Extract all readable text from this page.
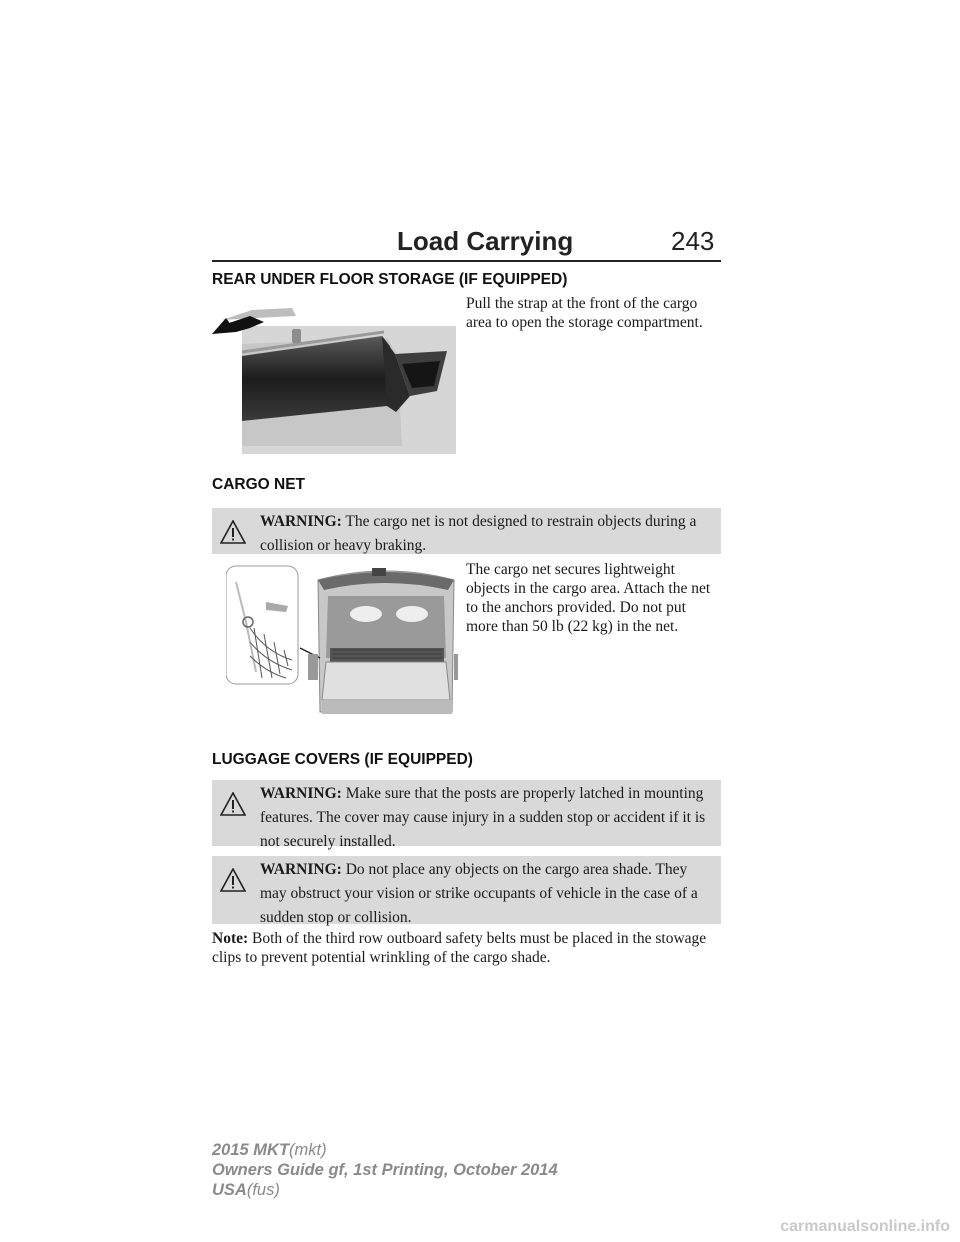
Load Carrying	243
REAR UNDER FLOOR STORAGE (IF EQUIPPED)
Pull the strap at the front of the cargo area to open the storage compartment.
CARGO NET
WARNING: The cargo net is not designed to restrain objects during a collision or heavy braking.
The cargo net secures lightweight objects in the cargo area. Attach the net to the anchors provided. Do not put more than 50 lb (22 kg) in the net.
LUGGAGE COVERS (IF EQUIPPED)
WARNING: Make sure that the posts are properly latched in mounting features. The cover may cause injury in a sudden stop or accident if it is not securely installed.
WARNING: Do not place any objects on the cargo area shade. They may obstruct your vision or strike occupants of vehicle in the case of a sudden stop or collision.
Note: Both of the third row outboard safety belts must be placed in the stowage clips to prevent potential wrinkling of the cargo shade.
2015 MKT(mkt)
Owners Guide gf, 1st Printing, October 2014
USA(fus)
carmanualsonline.info
